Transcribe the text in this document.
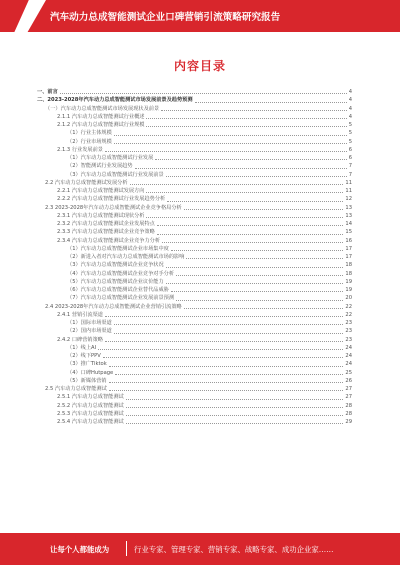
汽车动力总成智能测试企业口碑营销引流策略研究报告
内容目录
一、前言	4
二、2023-2028年汽车动力总成智能测试市场发展前景及趋势预测	4
（一）汽车动力总成智能测试市场发展现状及前景	4
2.1.1 汽车动力总成智能测试行业概述	4
2.1.2 汽车动力总成智能测试行业规模	5
（1）行业主体规模	5
（2）行业市场规模	5
2.1.3 行业发展前景	6
（1）汽车动力总成智能测试行业发展	6
（2）智能测试行业发展趋势	7
（3）汽车动力总成智能测试行业发展前景	7
2.2 汽车动力总成智能测试发展分析	11
2.2.1 汽车动力总成智能测试发展方向	11
2.2.2 汽车动力总成智能测试行业发展趋势分析	12
2.3 2023-2028年汽车动力总成智能测试企业竞争格局分析	13
2.3.1 汽车动力总成智能测试现状分析	13
2.3.2 汽车动力总成智能测试企业发展特点	14
2.3.3 汽车动力总成智能测试企业竞争策略	15
2.3.4 汽车动力总成智能测试企业竞争力分析	16
（1）汽车动力总成智能测试企业市场集中度	17
（2）新进入者对汽车动力总成智能测试市场的影响	17
（3）汽车动力总成智能测试企业竞争状况	18
（4）汽车动力总成智能测试企业竞争对手分析	18
（5）汽车动力总成智能测试企业议价能力	19
（6）汽车动力总成智能测试企业替代品威胁	19
（7）汽车动力总成智能测试企业发展前景预测	20
2.4 2023-2028年汽车动力总成智能测试企业营销引流策略	22
2.4.1 营销引流渠道	22
（1）国际市场渠道	23
（2）国内市场渠道	23
2.4.2 口碑营销策略	23
（1）线上AI	24
（2）线下PPV	24
（3）推广Tiktok	24
（4）口碑Hutpage	25
（5）新媒体营销	26
2.5 汽车动力总成智能测试	27
2.5.1 汽车动力总成智能测试	27
2.5.2 汽车动力总成智能测试	28
2.5.3 汽车动力总成智能测试	28
2.5.4 汽车动力总成智能测试	29
让每个人都能成为	行业专家、管理专家、营销专家、战略专家、成功企业家……
